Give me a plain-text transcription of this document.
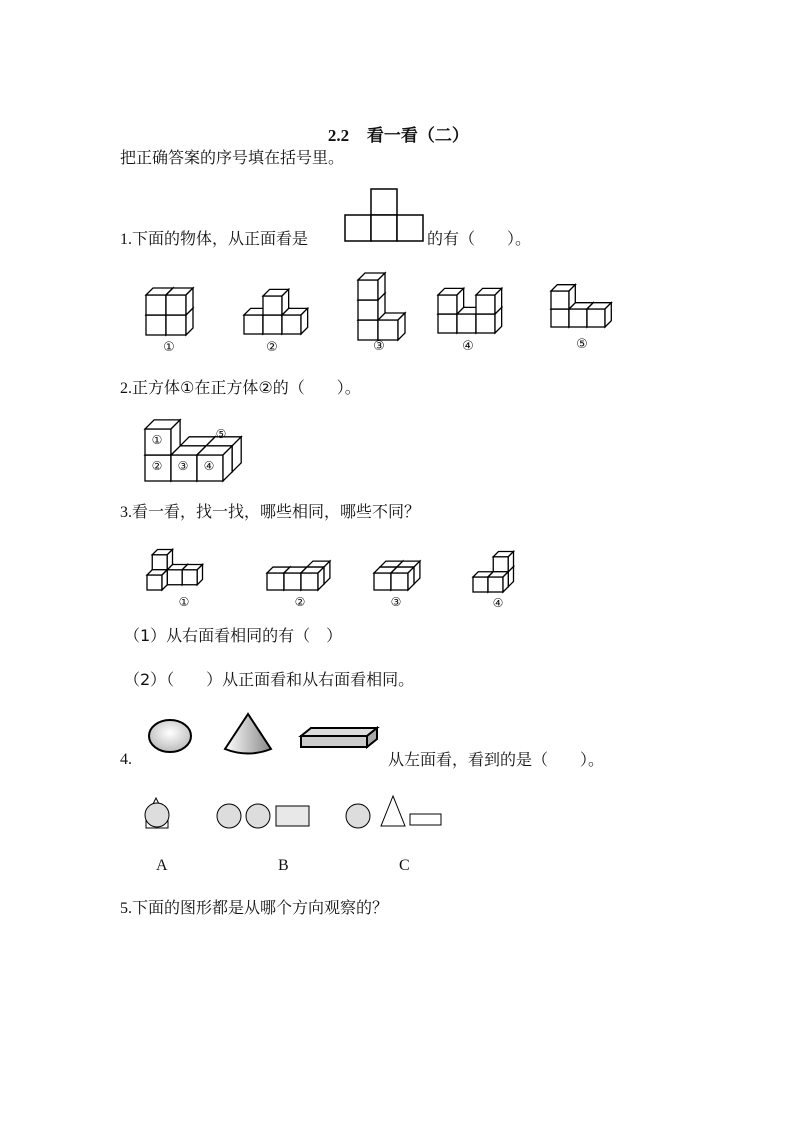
2.2 看一看（二）

把正确答案的序号填在括号里。
1.下面的物体，从正面看是	的有（　　）。
①	②	③	④	⑤
2.正方体①在正方体②的（　　）。
①
② ③ ④
⑤
3.看一看，找一找，哪些相同，哪些不同？
①	②	③	④
（1）从右面看相同的有（　）
（2）（　　）从正面看和从右面看相同。
4.	从左面看，看到的是（　　）。
A	B	C
5.下面的图形都是从哪个方向观察的？
